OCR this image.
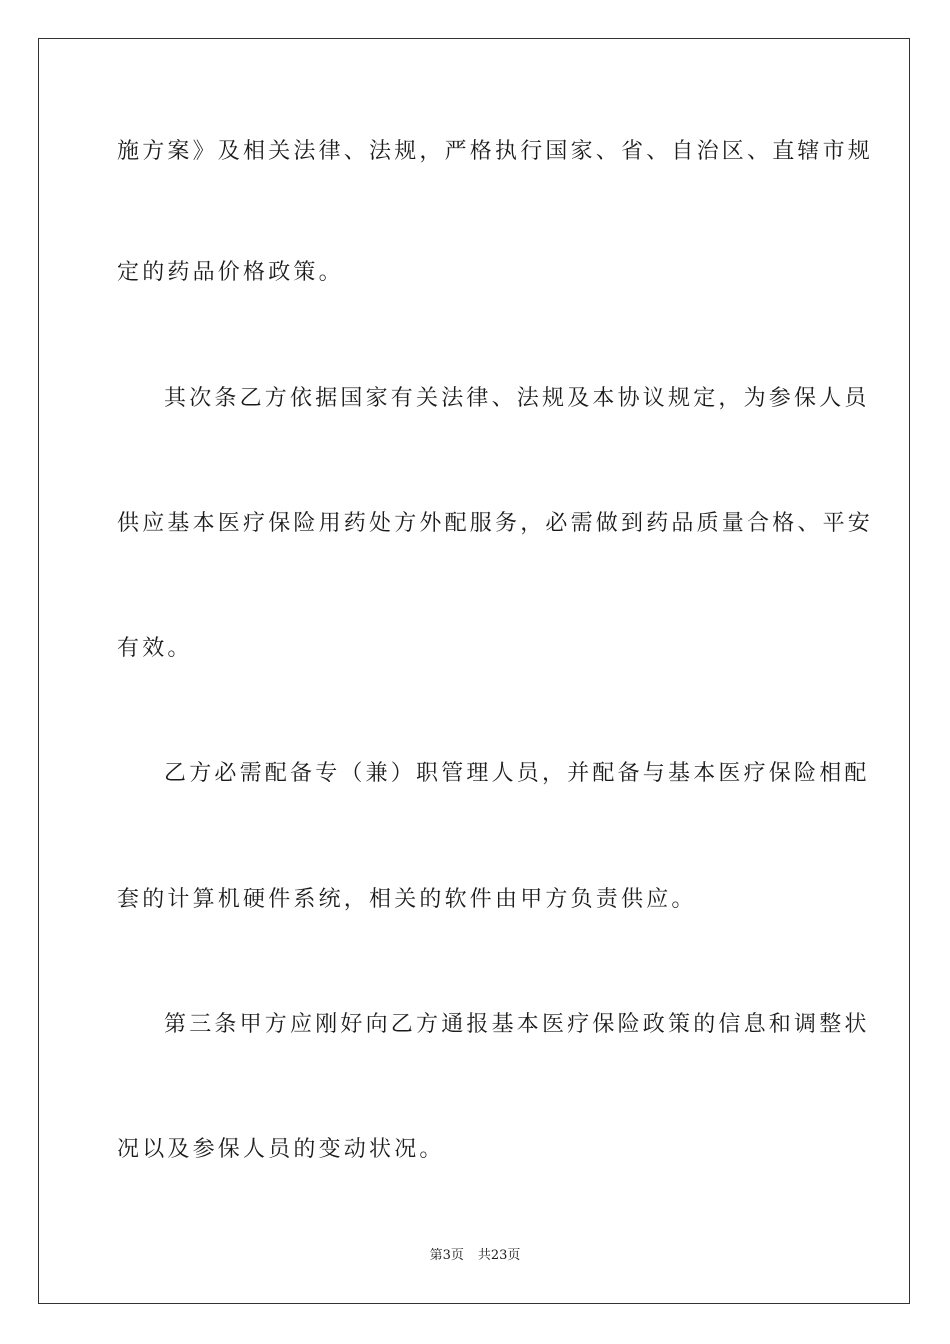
施方案》及相关法律、法规，严格执行国家、省、自治区、直辖市规
定的药品价格政策。
其次条乙方依据国家有关法律、法规及本协议规定，为参保人员
供应基本医疗保险用药处方外配服务，必需做到药品质量合格、平安
有效。
乙方必需配备专（兼）职管理人员，并配备与基本医疗保险相配
套的计算机硬件系统，相关的软件由甲方负责供应。
第三条甲方应刚好向乙方通报基本医疗保险政策的信息和调整状
况以及参保人员的变动状况。
第3页 共23页
